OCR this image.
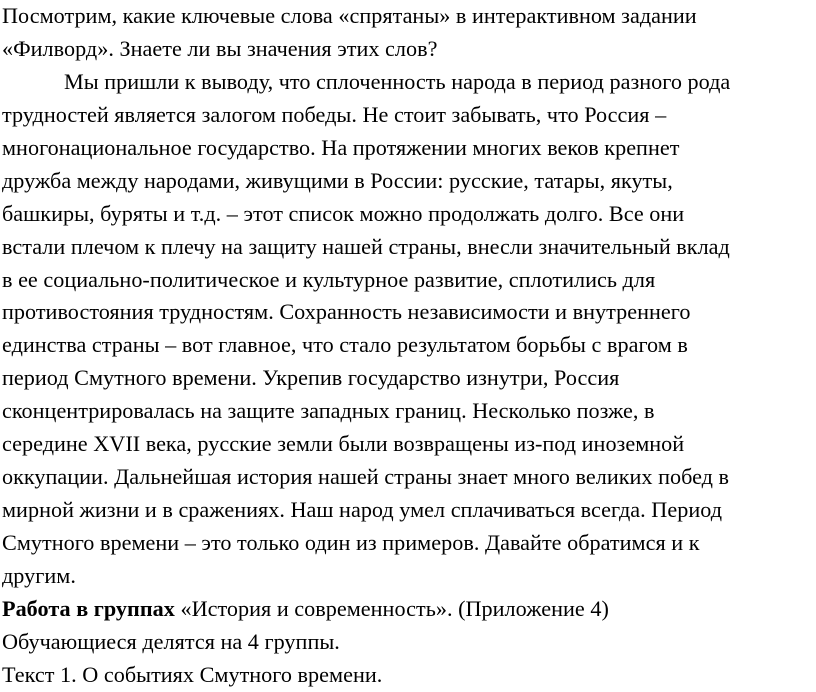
Посмотрим, какие ключевые слова «спрятаны» в интерактивном задании
«Филворд». Знаете ли вы значения этих слов?
Мы пришли к выводу, что сплоченность народа в период разного рода
трудностей является залогом победы. Не стоит забывать, что Россия –
многонациональное государство. На протяжении многих веков крепнет
дружба между народами, живущими в России: русские, татары, якуты,
башкиры, буряты и т.д. – этот список можно продолжать долго. Все они
встали плечом к плечу на защиту нашей страны, внесли значительный вклад
в ее социально-политическое и культурное развитие, сплотились для
противостояния трудностям. Сохранность независимости и внутреннего
единства страны – вот главное, что стало результатом борьбы с врагом в
период Смутного времени. Укрепив государство изнутри, Россия
сконцентрировалась на защите западных границ. Несколько позже, в
середине XVII века, русские земли были возвращены из-под иноземной
оккупации. Дальнейшая история нашей страны знает много великих побед в
мирной жизни и в сражениях. Наш народ умел сплачиваться всегда. Период
Смутного времени – это только один из примеров. Давайте обратимся и к
другим.
Работа в группах «История и современность». (Приложение 4)
Обучающиеся делятся на 4 группы.
Текст 1. О событиях Смутного времени.
